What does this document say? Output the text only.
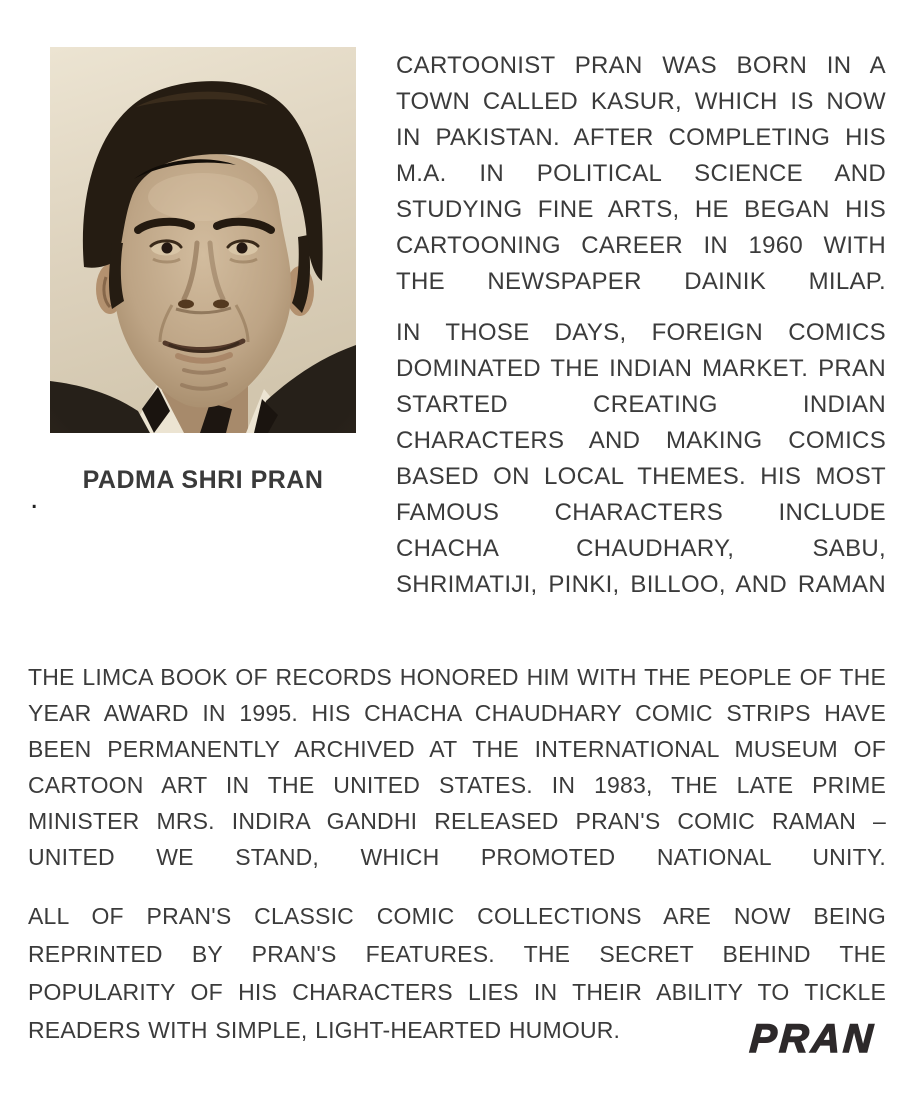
PADMA SHRI PRAN
.

CARTOONIST PRAN WAS BORN IN A TOWN CALLED KASUR, WHICH IS NOW IN PAKISTAN. AFTER COMPLETING HIS M.A. IN POLITICAL SCIENCE AND STUDYING FINE ARTS, HE BEGAN HIS CARTOONING CAREER IN 1960 WITH THE NEWSPAPER DAINIK MILAP.

IN THOSE DAYS, FOREIGN COMICS DOMINATED THE INDIAN MARKET. PRAN STARTED CREATING INDIAN CHARACTERS AND MAKING COMICS BASED ON LOCAL THEMES. HIS MOST FAMOUS CHARACTERS INCLUDE CHACHA CHAUDHARY, SABU, SHRIMATIJI, PINKI, BILLOO, AND RAMAN

THE LIMCA BOOK OF RECORDS HONORED HIM WITH THE PEOPLE OF THE YEAR AWARD IN 1995. HIS CHACHA CHAUDHARY COMIC STRIPS HAVE BEEN PERMANENTLY ARCHIVED AT THE INTERNATIONAL MUSEUM OF CARTOON ART IN THE UNITED STATES. IN 1983, THE LATE PRIME MINISTER MRS. INDIRA GANDHI RELEASED PRAN'S COMIC RAMAN – UNITED WE STAND, WHICH PROMOTED NATIONAL UNITY.

ALL OF PRAN'S CLASSIC COMIC COLLECTIONS ARE NOW BEING REPRINTED BY PRAN'S FEATURES. THE SECRET BEHIND THE POPULARITY OF HIS CHARACTERS LIES IN THEIR ABILITY TO TICKLE READERS WITH SIMPLE, LIGHT-HEARTED HUMOUR.	PRAN
